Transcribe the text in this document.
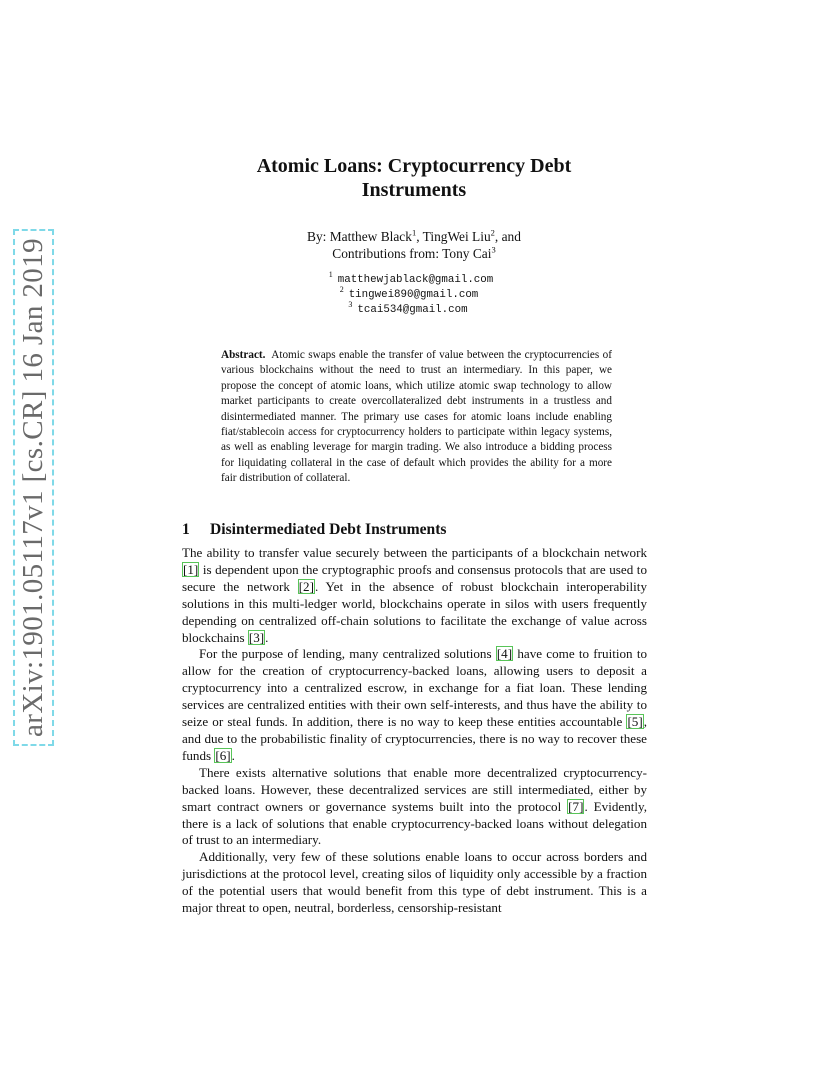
arXiv:1901.05117v1 [cs.CR] 16 Jan 2019
Atomic Loans: Cryptocurrency Debt
Instruments
By: Matthew Black$^1$, TingWei Liu$^2$, and
Contributions from: Tony Cai$^3$
$^1$ matthewjablack@gmail.com
$^2$ tingwei890@gmail.com
$^3$ tcai534@gmail.com
Abstract. Atomic swaps enable the transfer of value between the cryptocurrencies of various blockchains without the need to trust an intermediary. In this paper, we propose the concept of atomic loans, which utilize atomic swap technology to allow market participants to create overcollateralized debt instruments in a trustless and disintermediated manner. The primary use cases for atomic loans include enabling fiat/stablecoin access for cryptocurrency holders to participate within legacy systems, as well as enabling leverage for margin trading. We also introduce a bidding process for liquidating collateral in the case of default which provides the ability for a more fair distribution of collateral.
1 Disintermediated Debt Instruments

The ability to transfer value securely between the participants of a blockchain network [1] is dependent upon the cryptographic proofs and consensus protocols that are used to secure the network [2]. Yet in the absence of robust blockchain interoperability solutions in this multi-ledger world, blockchains operate in silos with users frequently depending on centralized off-chain solutions to facilitate the exchange of value across blockchains [3].

For the purpose of lending, many centralized solutions [4] have come to fruition to allow for the creation of cryptocurrency-backed loans, allowing users to deposit a cryptocurrency into a centralized escrow, in exchange for a fiat loan. These lending services are centralized entities with their own self-interests, and thus have the ability to seize or steal funds. In addition, there is no way to keep these entities accountable [5], and due to the probabilistic finality of cryptocurrencies, there is no way to recover these funds [6].

There exists alternative solutions that enable more decentralized cryptocurrency-backed loans. However, these decentralized services are still intermediated, either by smart contract owners or governance systems built into the protocol [7]. Evidently, there is a lack of solutions that enable cryptocurrency-backed loans without delegation of trust to an intermediary.

Additionally, very few of these solutions enable loans to occur across borders and jurisdictions at the protocol level, creating silos of liquidity only accessible by a fraction of the potential users that would benefit from this type of debt instrument. This is a major threat to open, neutral, borderless, censorship-resistant
